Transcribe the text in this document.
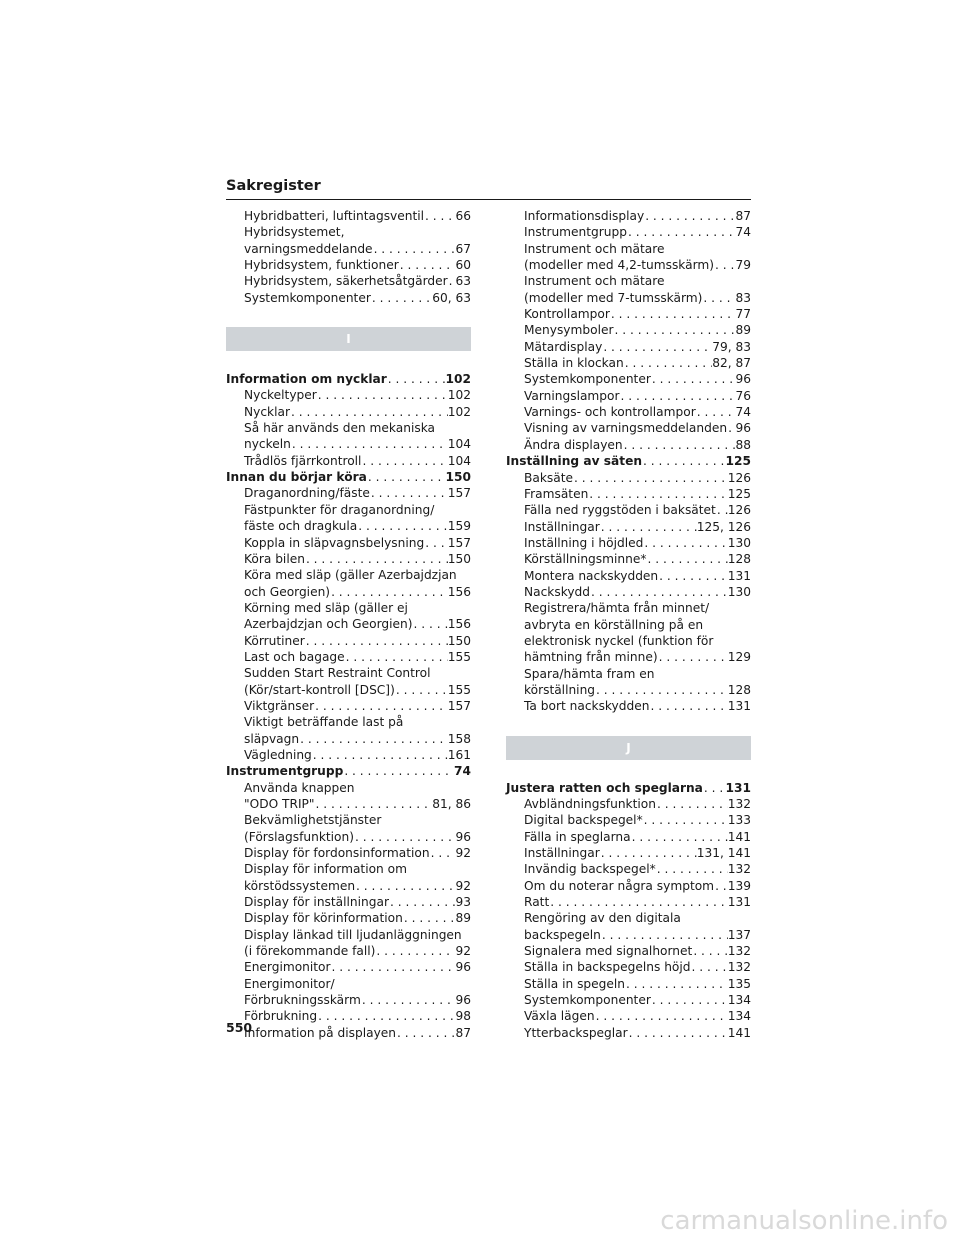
Sakregister
Hybridbatteri, luftintagsventil . . .	66
Hybridsystemet,
varningsmeddelande . . .	67
Hybridsystem, funktioner . . .	60
Hybridsystem, säkerhetsåtgärder . . . 63
Systemkomponenter . . .	60, 63
I
Information om nycklar . . .	102
Nyckeltyper . . .	102
Nycklar . . .	102
Så här används den mekaniska
nyckeln . . .	104
Trådlös fjärrkontroll . . .	104
Innan du börjar köra . . .	150
Draganordning/fäste . . .	157
Fästpunkter för draganordning/
fäste och dragkula . . .	159
Koppla in släpvagnsbelysning . . . 157
Köra bilen . . .	150
Köra med släp (gäller Azerbajdzjan
och Georgien) . . .	156
Körning med släp (gäller ej
Azerbajdzjan och Georgien) . . .	156
Körrutiner . . .	150
Last och bagage . . .	155
Sudden Start Restraint Control
(Kör/start-kontroll [DSC]) . . .	155
Viktgränser . . .	157
Viktigt beträffande last på
släpvagn . . .	158
Vägledning . . .	161
Instrumentgrupp . . .	74
Använda knappen
"ODO TRIP" . . .	81, 86
Bekvämlighetstjänster
(Förslagsfunktion) . . .	96
Display för fordonsinformation . . . 92
Display för information om
körstödssystemen . . .	92
Display för inställningar . . .	93
Display för körinformation . . .	89
Display länkad till ljudanläggningen
(i förekommande fall) . . .	92
Energimonitor . . .	96
Energimonitor/
Förbrukningsskärm . . .	96
Förbrukning . . .	98
Information på displayen . . .	87
Informationsdisplay . . .	87
Instrumentgrupp . . .	74
Instrument och mätare
(modeller med 4,2-tumsskärm) . . . 79
Instrument och mätare
(modeller med 7-tumsskärm) . . .	83
Kontrollampor . . .	77
Menysymboler . . .	89
Mätardisplay . . .	79, 83
Ställa in klockan . . .	82, 87
Systemkomponenter . . .	96
Varningslampor . . .	76
Varnings- och kontrollampor . . .	74
Visning av varningsmeddelanden . . . 96
Ändra displayen . . .	88
Inställning av säten . . .	125
Baksäte . . .	126
Framsäten . . .	125
Fälla ned ryggstöden i baksätet . . . 126
Inställningar . . .	125, 126
Inställning i höjdled . . .	130
Körställningsminne* . . .	128
Montera nackskydden . . .	131
Nackskydd . . .	130
Registrera/hämta från minnet/
avbryta en körställning på en
elektronisk nyckel (funktion för
hämtning från minne) . . .	129
Spara/hämta fram en
körställning . . .	128
Ta bort nackskydden . . .	131
J
Justera ratten och speglarna . . . 131
Avbländningsfunktion . . .	132
Digital backspegel* . . .	133
Fälla in speglarna . . .	141
Inställningar . . .	131, 141
Invändig backspegel* . . .	132
Om du noterar några symptom . . . 139
Ratt . . .	131
Rengöring av den digitala
backspegeln . . .	137
Signalera med signalhornet . . .	132
Ställa in backspegelns höjd . . .	132
Ställa in spegeln . . .	135
Systemkomponenter . . .	134
Växla lägen . . .	134
Ytterbackspeglar . . .	141
550
carmanualsonline.info
